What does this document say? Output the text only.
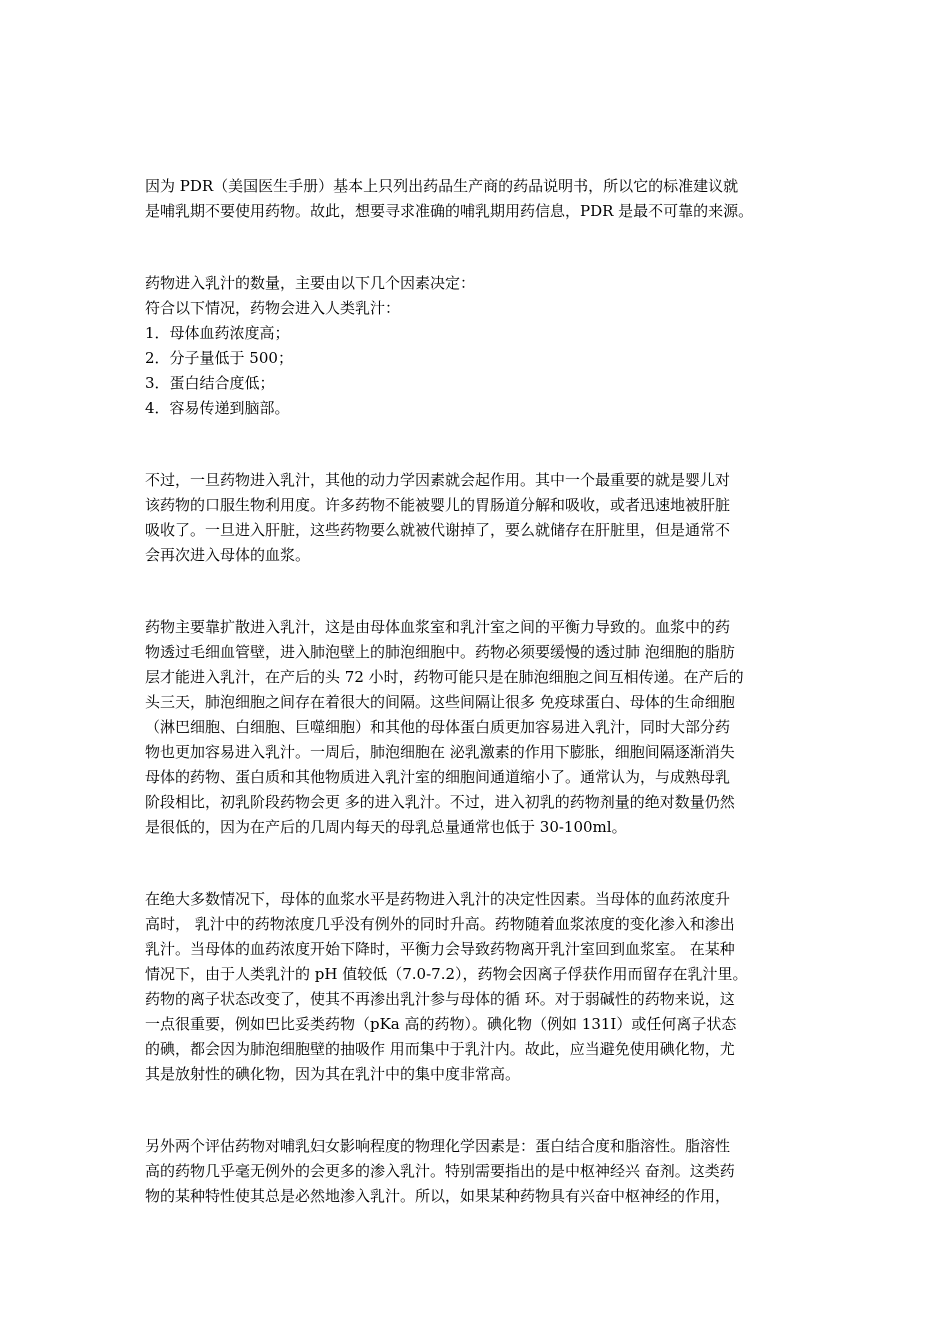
因为 PDR（美国医生手册）基本上只列出药品生产商的药品说明书，所以它的标准建议就
是哺乳期不要使用药物。故此，想要寻求准确的哺乳期用药信息，PDR 是最不可靠的来源。

药物进入乳汁的数量，主要由以下几个因素决定：
符合以下情况，药物会进入人类乳汁：
1．母体血药浓度高；
2．分子量低于 500；
3．蛋白结合度低；
4．容易传递到脑部。

不过，一旦药物进入乳汁，其他的动力学因素就会起作用。其中一个最重要的就是婴儿对
该药物的口服生物利用度。许多药物不能被婴儿的胃肠道分解和吸收，或者迅速地被肝脏
吸收了。一旦进入肝脏，这些药物要么就被代谢掉了，要么就储存在肝脏里，但是通常不
会再次进入母体的血浆。

药物主要靠扩散进入乳汁，这是由母体血浆室和乳汁室之间的平衡力导致的。血浆中的药
物透过毛细血管壁，进入肺泡壁上的肺泡细胞中。药物必须要缓慢的透过肺 泡细胞的脂肪
层才能进入乳汁，在产后的头 72 小时，药物可能只是在肺泡细胞之间互相传递。在产后的
头三天，肺泡细胞之间存在着很大的间隔。这些间隔让很多 免疫球蛋白、母体的生命细胞
（淋巴细胞、白细胞、巨噬细胞）和其他的母体蛋白质更加容易进入乳汁，同时大部分药
物也更加容易进入乳汁。一周后，肺泡细胞在 泌乳激素的作用下膨胀，细胞间隔逐渐消失
母体的药物、蛋白质和其他物质进入乳汁室的细胞间通道缩小了。通常认为，与成熟母乳
阶段相比，初乳阶段药物会更 多的进入乳汁。不过，进入初乳的药物剂量的绝对数量仍然
是很低的，因为在产后的几周内每天的母乳总量通常也低于 30-100ml。

在绝大多数情况下，母体的血浆水平是药物进入乳汁的决定性因素。当母体的血药浓度升
高时， 乳汁中的药物浓度几乎没有例外的同时升高。药物随着血浆浓度的变化渗入和渗出
乳汁。当母体的血药浓度开始下降时，平衡力会导致药物离开乳汁室回到血浆室。 在某种
情况下，由于人类乳汁的 pH 值较低（7.0-7.2），药物会因离子俘获作用而留存在乳汁里。
药物的离子状态改变了，使其不再渗出乳汁参与母体的循 环。对于弱碱性的药物来说，这
一点很重要，例如巴比妥类药物（pKa 高的药物）。碘化物（例如 131I）或任何离子状态
的碘，都会因为肺泡细胞壁的抽吸作 用而集中于乳汁内。故此，应当避免使用碘化物，尤
其是放射性的碘化物，因为其在乳汁中的集中度非常高。

另外两个评估药物对哺乳妇女影响程度的物理化学因素是：蛋白结合度和脂溶性。脂溶性
高的药物几乎毫无例外的会更多的渗入乳汁。特别需要指出的是中枢神经兴 奋剂。这类药
物的某种特性使其总是必然地渗入乳汁。所以，如果某种药物具有兴奋中枢神经的作用，
